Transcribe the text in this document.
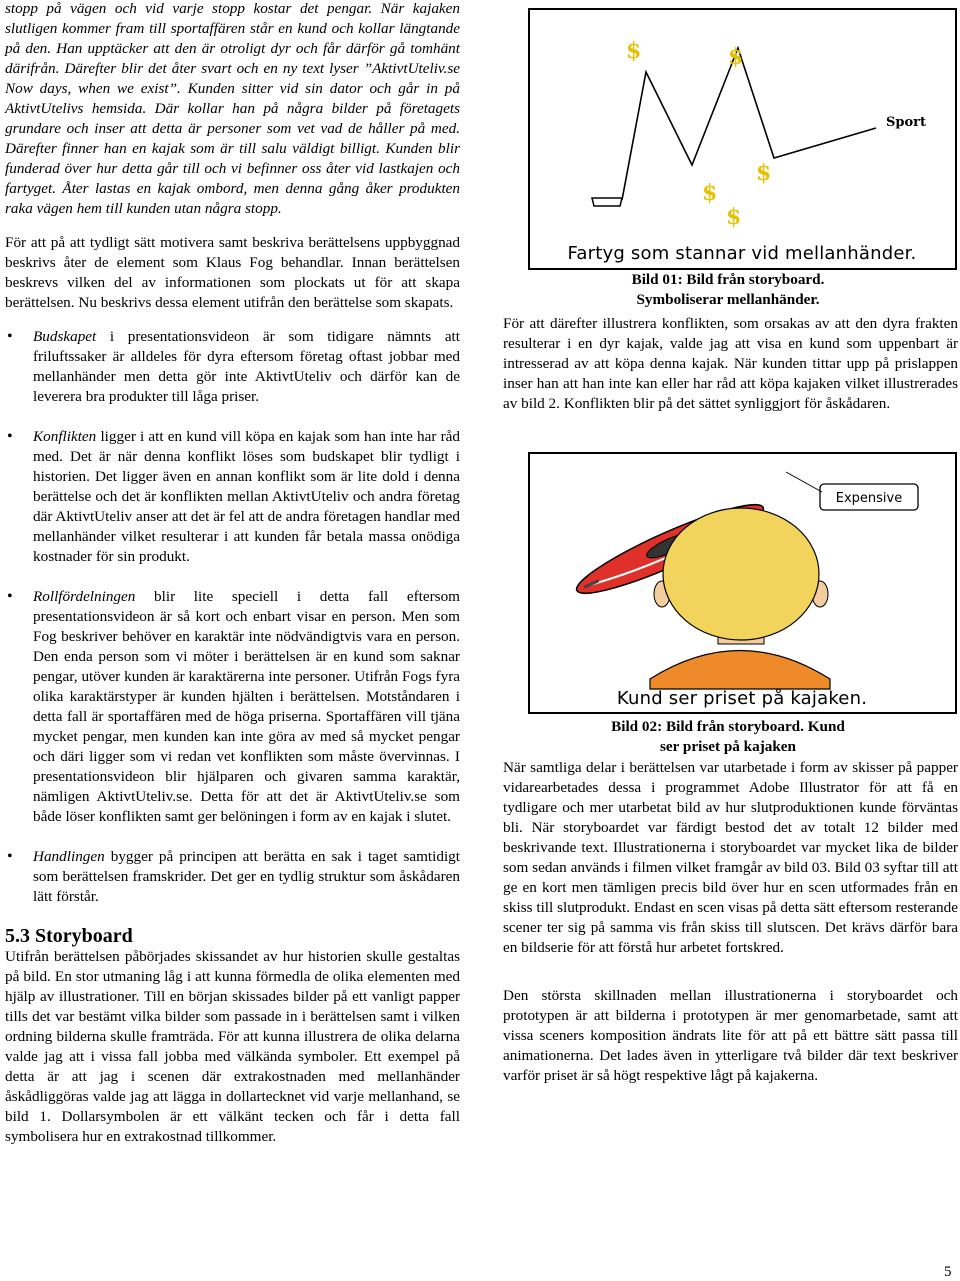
stopp på vägen och vid varje stopp kostar det pengar. När kajaken slutligen kommer fram till sportaffären står en kund och kollar längtande på den. Han upptäcker att den är otroligt dyr och får därför gå tomhänt därifrån. Därefter blir det åter svart och en ny text lyser ”AktivtUteliv.se Now days, when we exist”. Kunden sitter vid sin dator och går in på AktivtUtelivs hemsida. Där kollar han på några bilder på företagets grundare och inser att detta är personer som vet vad de håller på med. Därefter finner han en kajak som är till salu väldigt billigt. Kunden blir funderad över hur detta går till och vi befinner oss åter vid lastkajen och fartyget. Åter lastas en kajak ombord, men denna gång åker produkten raka vägen hem till kunden utan några stopp.

För att på att tydligt sätt motivera samt beskriva berättelsens uppbyggnad beskrivs åter de element som Klaus Fog behandlar. Innan berättelsen beskrevs vilken del av informationen som plockats ut för att skapa berättelsen. Nu beskrivs dessa element utifrån den berättelse som skapats.

• Budskapet i presentationsvideon är som tidigare nämnts att friluftssaker är alldeles för dyra eftersom företag oftast jobbar med mellanhänder men detta gör inte AktivtUteliv och därför kan de leverera bra produkter till låga priser.
• Konflikten ligger i att en kund vill köpa en kajak som han inte har råd med. Det är när denna konflikt löses som budskapet blir tydligt i historien. Det ligger även en annan konflikt som är lite dold i denna berättelse och det är konflikten mellan AktivtUteliv och andra företag där AktivtUteliv anser att det är fel att de andra företagen handlar med mellanhänder vilket resulterar i att kunden får betala massa onödiga kostnader för sin produkt.
• Rollfördelningen blir lite speciell i detta fall eftersom presentationsvideon är så kort och enbart visar en person. Men som Fog beskriver behöver en karaktär inte nödvändigtvis vara en person. Den enda person som vi möter i berättelsen är en kund som saknar pengar, utöver kunden är karaktärerna inte personer. Utifrån Fogs fyra olika karaktärstyper är kunden hjälten i berättelsen. Motståndaren i detta fall är sportaffären med de höga priserna. Sportaffären vill tjäna mycket pengar, men kunden kan inte göra av med så mycket pengar och däri ligger som vi redan vet konflikten som måste övervinnas. I presentationsvideon blir hjälparen och givaren samma karaktär, nämligen AktivtUteliv.se. Detta för att det är AktivtUteliv.se som både löser konflikten samt ger belöningen i form av en kajak i slutet.
• Handlingen bygger på principen att berätta en sak i taget samtidigt som berättelsen framskrider. Det ger en tydlig struktur som åskådaren lätt förstår.
5.3 Storyboard

Utifrån berättelsen påbörjades skissandet av hur historien skulle gestaltas på bild. En stor utmaning låg i att kunna förmedla de olika elementen med hjälp av illustrationer. Till en början skissades bilder på ett vanligt papper tills det var bestämt vilka bilder som passade in i berättelsen samt i vilken ordning bilderna skulle framträda. För att kunna illustrera de olika delarna valde jag att i vissa fall jobba med välkända symboler. Ett exempel på detta är att jag i scenen där extrakostnaden med mellanhänder åskådliggöras valde jag att lägga in dollartecknet vid varje mellanhand, se bild 1. Dollarsymbolen är ett välkänt tecken och får i detta fall symbolisera hur en extrakostnad tillkommer.

Sport
$	$
$
$
$
Fartyg som stannar vid mellanhänder.
Bild 01: Bild från storyboard.
Symboliserar mellanhänder.

För att därefter illustrera konflikten, som orsakas av att den dyra frakten resulterar i en dyr kajak, valde jag att visa en kund som uppenbart är intresserad av att köpa denna kajak. När kunden tittar upp på prislappen inser han att han inte kan eller har råd att köpa kajaken vilket illustrerades av bild 2. Konflikten blir på det sättet synliggjort för åskådaren.

Expensive
Kund ser priset på kajaken.
Bild 02: Bild från storyboard. Kund
ser priset på kajaken

När samtliga delar i berättelsen var utarbetade i form av skisser på papper vidarearbetades dessa i programmet Adobe Illustrator för att få en tydligare och mer utarbetat bild av hur slutproduktionen kunde förväntas bli. När storyboardet var färdigt bestod det av totalt 12 bilder med beskrivande text. Illustrationerna i storyboardet var mycket lika de bilder som sedan används i filmen vilket framgår av bild 03. Bild 03 syftar till att ge en kort men tämligen precis bild över hur en scen utformades från en skiss till slutprodukt. Endast en scen visas på detta sätt eftersom resterande scener ter sig på samma vis från skiss till slutscen. Det krävs därför bara en bildserie för att förstå hur arbetet fortskred.

Den största skillnaden mellan illustrationerna i storyboardet och prototypen är att bilderna i prototypen är mer genomarbetade, samt att vissa sceners komposition ändrats lite för att på ett bättre sätt passa till animationerna. Det lades även in ytterligare två bilder där text beskriver varför priset är så högt respektive lågt på kajakerna.

5
